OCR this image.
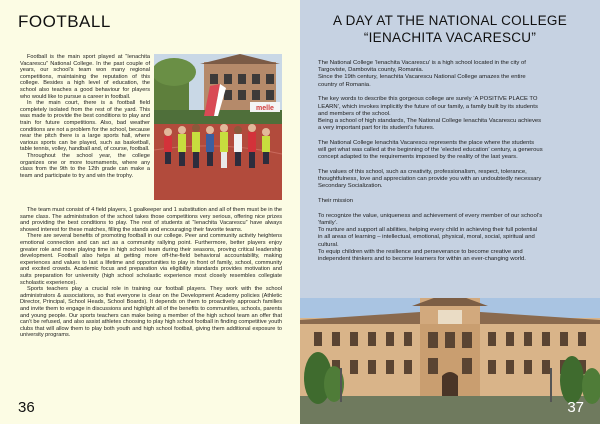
FOOTBALL

Football is the main sport played at “Ienachita Vacarescu” National College. In the past couple of years, our school’s team won many regional competitions, maintaining the reputation of this college. Besides a high level of education, the school also teaches a good behaviour for players who would like to pursue a career in football.

In the main court, there is a football field completely isolated from the rest of the yard. This was made to provide the best conditions to play and train for future competitions. Also, bad weather conditions are not a problem for the school, because near the pitch there is a large sports hall, where various sports can be played, such as basketball, table tennis, volley, handball and, of course, football.

Throughout the school year, the college organizes one or more tournaments, where any class from the 9th to the 12th grade can make a team and participate to try and win the trophy.

melle

The team must consist of 4 field players, 1 goalkeeper and 1 substitution and all of them must be in the same class. The administration of the school takes those competitions very serious, offering nice prizes and providing the best conditions to play. The rest of students at “Ienachita Vacarescu” have always showed interest for these matches, filling the stands and encouraging their favorite teams.

There are several benefits of promoting football in our college. Peer and community activity heightens emotional connection and can act as a community rallying point. Furthermore, better players enjoy greater role and more playing time in high school team during their seasons, proving critical leadership development. Football also helps at getting more off-the-field behavioral accountability, making experiences and values to last a lifetime and opportunities to play in front of family, school, community and excited crowds. Academic focus and preparation via eligibility standards provides motivation and suits preparation for university (high school scholastic experience most closely resembles collegiate scholastic experience).

Sports teachers play a crucial role in training our football players. They work with the school administrators & associations, so that everyone is clear on the Development Academy policies (Athletic Director, Principal, School Heads, School Boards). It depends on them to proactively approach families and invite them to engage in discussions and highlight all of the benefits to communities, schools, parents and young people. Our sports teachers can make being a member of the high school team an offer that can’t be refused, and also assist athletes choosing to play high school football in finding competitive youth clubs that will allow them to play both youth and high school football, giving them additional exposure to university programs.

36
A DAY AT THE NATIONAL COLLEGE
“IENACHITA VACARESCU”

The National College ‘Ienachita Vacarescu’ is a high school located in the city of
Targoviste, Dambovita county, Romania.
Since the 19th century, Ienachita Vacarescu National College amazes the entire
country of Romania.

The key words to describe this gorgeous college are surely ‘A POSITIVE PLACE TO
LEARN’, which invokes implicitly the future of our family, a family built by its students
and members of the school.
Being a school of high standards, The National College Ienachita Vacarescu achieves
a very important part for its student’s futures.

The National College Ienachita Vacarescu represents the place where the students
will get what was called at the beginning of the ‘elected education’ century, a generous
concept adapted to the requirements imposed by the reality of the last years.

The values of this school, such as creativity, professionalism, respect, tolerance,
thoughtfulness, love and appreciation can provide you with an undoubtedly necessary
Secondary Socialization.

Their mission

To recognize the value, uniqueness and achievement of every member of our school’s
‘family’.
To nurture and support all abilities, helping every child in achieving their full potential
in all areas of learning – intellectual, emotional, physical, moral, social, spiritual and
cultural.
To equip children with the resilience and perseverance to become creative and
independent thinkers and to become learners for within an ever-changing world.

37
